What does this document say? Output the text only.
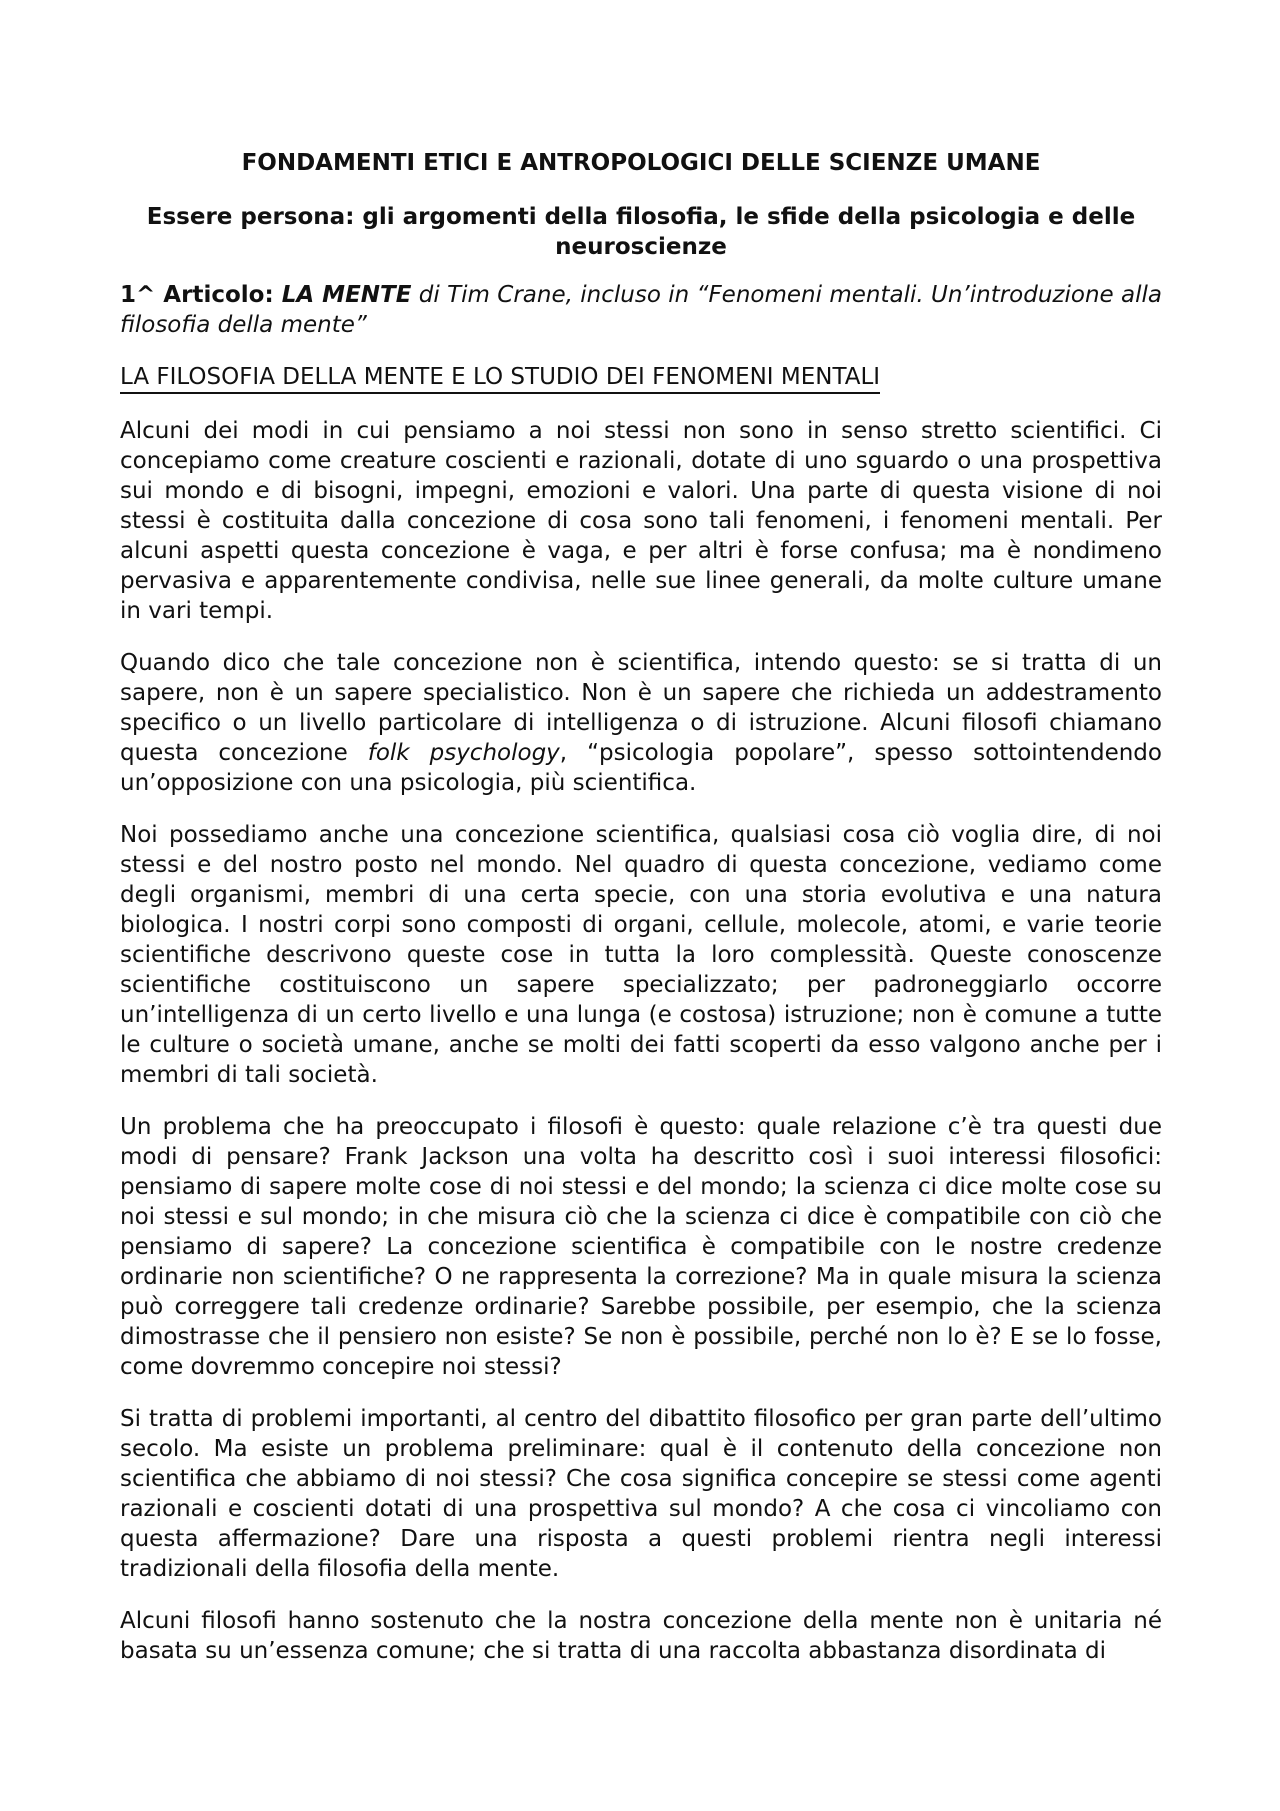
FONDAMENTI ETICI E ANTROPOLOGICI DELLE SCIENZE UMANE
Essere persona: gli argomenti della filosofia, le sfide della psicologia e delle neuroscienze
1^ Articolo: LA MENTE di Tim Crane, incluso in “Fenomeni mentali. Un’introduzione alla filosofia della mente”
LA FILOSOFIA DELLA MENTE E LO STUDIO DEI FENOMENI MENTALI

Alcuni dei modi in cui pensiamo a noi stessi non sono in senso stretto scientifici. Ci concepiamo come creature coscienti e razionali, dotate di uno sguardo o una prospettiva sui mondo e di bisogni, impegni, emozioni e valori. Una parte di questa visione di noi stessi è costituita dalla concezione di cosa sono tali fenomeni, i fenomeni mentali. Per alcuni aspetti questa concezione è vaga, e per altri è forse confusa; ma è nondimeno pervasiva e apparentemente condivisa, nelle sue linee generali, da molte culture umane in vari tempi.

Quando dico che tale concezione non è scientifica, intendo questo: se si tratta di un sapere, non è un sapere specialistico. Non è un sapere che richieda un addestramento specifico o un livello particolare di intelligenza o di istruzione. Alcuni filosofi chiamano questa concezione folk psychology, “psicologia popolare”, spesso sottointendendo un’opposizione con una psicologia, più scientifica.

Noi possediamo anche una concezione scientifica, qualsiasi cosa ciò voglia dire, di noi stessi e del nostro posto nel mondo. Nel quadro di questa concezione, vediamo come degli organismi, membri di una certa specie, con una storia evolutiva e una natura biologica. I nostri corpi sono composti di organi, cellule, molecole, atomi, e varie teorie scientifiche descrivono queste cose in tutta la loro complessità. Queste conoscenze scientifiche costituiscono un sapere specializzato; per padroneggiarlo occorre un’intelligenza di un certo livello e una lunga (e costosa) istruzione; non è comune a tutte le culture o società umane, anche se molti dei fatti scoperti da esso valgono anche per i membri di tali società.

Un problema che ha preoccupato i filosofi è questo: quale relazione c’è tra questi due modi di pensare? Frank Jackson una volta ha descritto così i suoi interessi filosofici: pensiamo di sapere molte cose di noi stessi e del mondo; la scienza ci dice molte cose su noi stessi e sul mondo; in che misura ciò che la scienza ci dice è compatibile con ciò che pensiamo di sapere? La concezione scientifica è compatibile con le nostre credenze ordinarie non scientifiche? O ne rappresenta la correzione? Ma in quale misura la scienza può correggere tali credenze ordinarie? Sarebbe possibile, per esempio, che la scienza dimostrasse che il pensiero non esiste? Se non è possibile, perché non lo è? E se lo fosse, come dovremmo concepire noi stessi?

Si tratta di problemi importanti, al centro del dibattito filosofico per gran parte dell’ultimo secolo. Ma esiste un problema preliminare: qual è il contenuto della concezione non scientifica che abbiamo di noi stessi? Che cosa significa concepire se stessi come agenti razionali e coscienti dotati di una prospettiva sul mondo? A che cosa ci vincoliamo con questa affermazione? Dare una risposta a questi problemi rientra negli interessi tradizionali della filosofia della mente.

Alcuni filosofi hanno sostenuto che la nostra concezione della mente non è unitaria né basata su un’essenza comune; che si tratta di una raccolta abbastanza disordinata di
